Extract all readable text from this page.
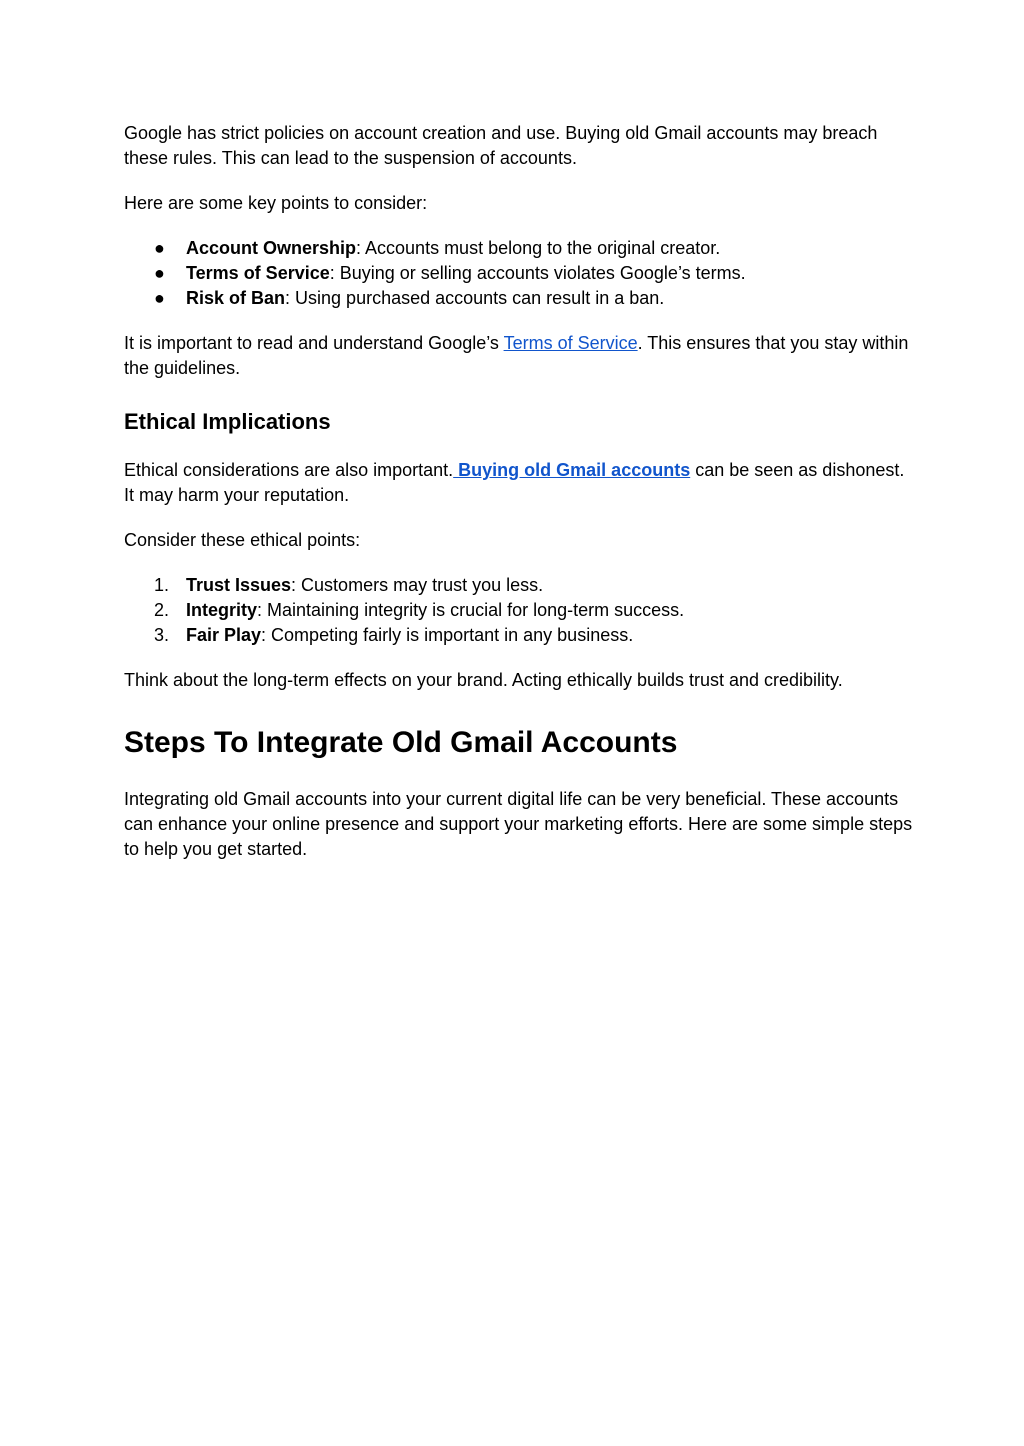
Google has strict policies on account creation and use. Buying old Gmail accounts may breach these rules. This can lead to the suspension of accounts.

Here are some key points to consider:

●	Account Ownership: Accounts must belong to the original creator.
●	Terms of Service: Buying or selling accounts violates Google’s terms.
●	Risk of Ban: Using purchased accounts can result in a ban.

It is important to read and understand Google’s Terms of Service. This ensures that you stay within the guidelines.

Ethical Implications

Ethical considerations are also important. Buying old Gmail accounts can be seen as dishonest. It may harm your reputation.

Consider these ethical points:

1. Trust Issues: Customers may trust you less.
2. Integrity: Maintaining integrity is crucial for long-term success.
3. Fair Play: Competing fairly is important in any business.

Think about the long-term effects on your brand. Acting ethically builds trust and credibility.

Steps To Integrate Old Gmail Accounts

Integrating old Gmail accounts into your current digital life can be very beneficial. These accounts can enhance your online presence and support your marketing efforts. Here are some simple steps to help you get started.
